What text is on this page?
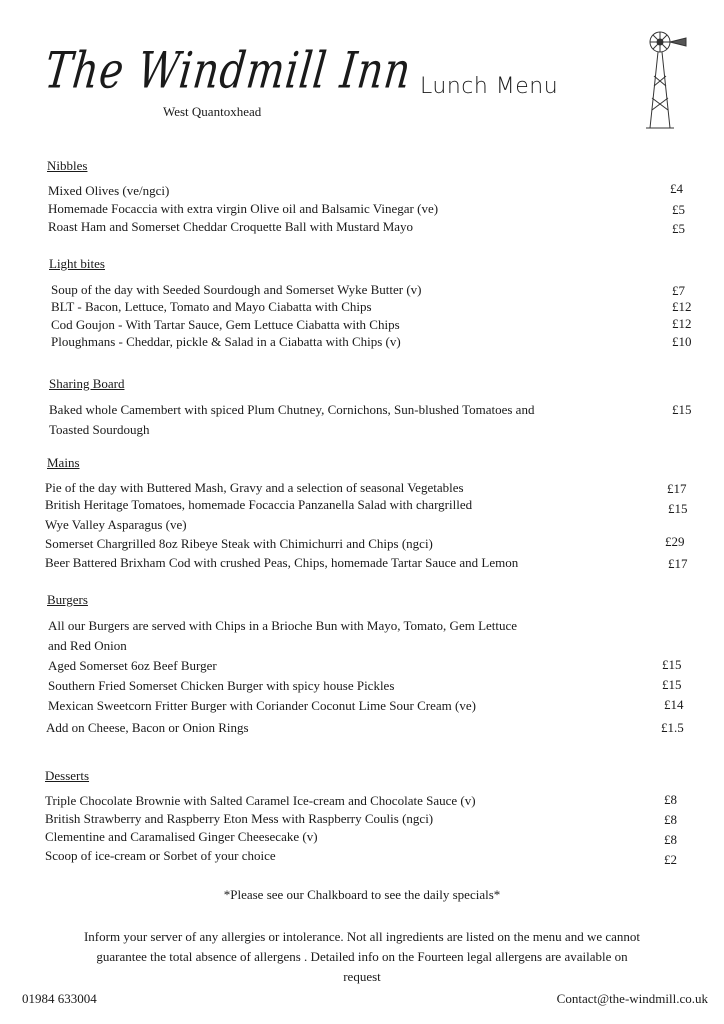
The Windmill Inn
West Quantoxhead
Lunch Menu
Nibbles
Mixed Olives (ve/ngci)	£4
Homemade Focaccia with extra virgin Olive oil and Balsamic Vinegar (ve)	£5
Roast Ham and Somerset Cheddar Croquette Ball with Mustard Mayo	£5
Light bites
Soup of the day with Seeded Sourdough and Somerset Wyke Butter (v)	£7
BLT - Bacon, Lettuce, Tomato and Mayo Ciabatta with Chips	£12
Cod Goujon - With Tartar Sauce, Gem Lettuce Ciabatta with Chips	£12
Ploughmans - Cheddar, pickle & Salad in a Ciabatta with Chips (v)	£10
Sharing Board
Baked whole Camembert with spiced Plum Chutney, Cornichons, Sun-blushed Tomatoes and
Toasted Sourdough
£15
Mains
Pie of the day with Buttered Mash, Gravy and a selection of seasonal Vegetables	£17
British Heritage Tomatoes, homemade Focaccia Panzanella Salad with chargrilled	£15
Wye Valley Asparagus (ve)
Somerset Chargrilled 8oz Ribeye Steak with Chimichurri and Chips (ngci)	£29
Beer Battered Brixham Cod with crushed Peas, Chips, homemade Tartar Sauce and Lemon	£17
Burgers
All our Burgers are served with Chips in a Brioche Bun with Mayo, Tomato, Gem Lettuce
and Red Onion
Aged Somerset 6oz Beef Burger	£15
Southern Fried Somerset Chicken Burger with spicy house Pickles	£15
Mexican Sweetcorn Fritter Burger with Coriander Coconut Lime Sour Cream (ve)	£14
Add on Cheese, Bacon or Onion Rings	£1.5
Desserts
Triple Chocolate Brownie with Salted Caramel Ice-cream and Chocolate Sauce (v)	£8
British Strawberry and Raspberry Eton Mess with Raspberry Coulis (ngci)	£8
Clementine and Caramalised Ginger Cheesecake (v)	£8
Scoop of ice-cream or Sorbet of your choice	£2
*Please see our Chalkboard to see the daily specials*
Inform your server of any allergies or intolerance. Not all ingredients are listed on the menu and we cannot
guarantee the total absence of allergens . Detailed info on the Fourteen legal allergens are available on
request
01984 633004	Contact@the-windmill.co.uk
